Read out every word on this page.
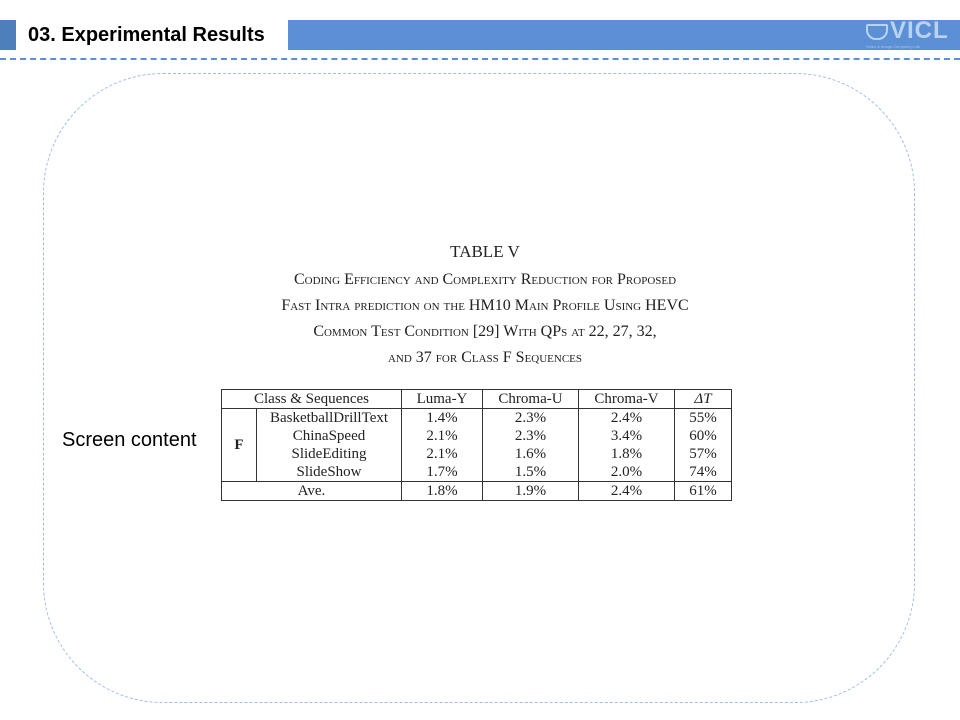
03. Experimental Results	VICL
Video & Image Computing Lab
TABLE V
Coding Efficiency and Complexity Reduction for Proposed
Fast Intra prediction on the HM10 Main Profile Using HEVC
Common Test Condition [29] With QPs at 22, 27, 32,
and 37 for Class F Sequences
Screen content
Class & Sequences		Luma-Y	Chroma-U	Chroma-V	ΔT
F	BasketballDrillText	1.4%	2.3%	2.4%	55%
	ChinaSpeed	2.1%	2.3%	3.4%	60%
	SlideEditing	2.1%	1.6%	1.8%	57%
	SlideShow	1.7%	1.5%	2.0%	74%
Ave.		1.8%	1.9%	2.4%	61%
